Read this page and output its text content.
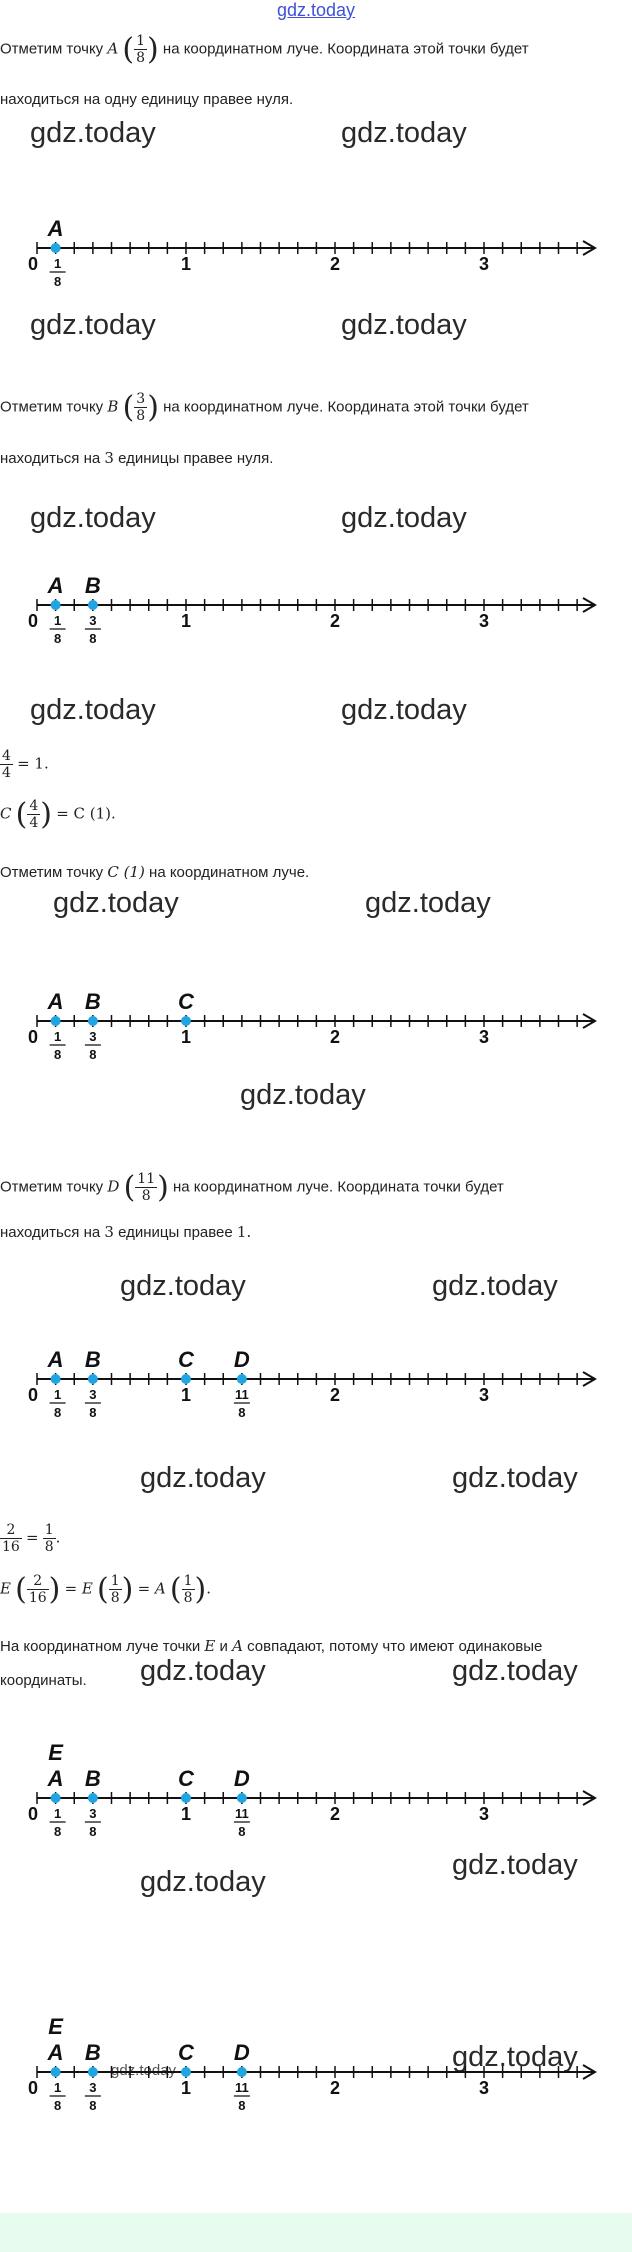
gdz.today
Отметим точку A ( $\frac{1}{8}$ ) на координатном луче. Координата этой точки будет
находиться на одну единицу правее нуля.
gdz.today	gdz.today
0	1	2	3
A
1
8
gdz.today	gdz.today
Отметим точку B ( $\frac{3}{8}$ ) на координатном луче. Координата этой точки будет
находиться на 3 единицы правее нуля.
gdz.today	gdz.today
0	1	2	3
A
1
8
B
3
8
gdz.today	gdz.today
$\frac{4}{4} = 1$.
C ( $\frac{4}{4}$ ) = C (1).
Отметим точку C (1) на координатном луче.
gdz.today	gdz.today
0	1	2	3
A
1
8
B
3
8
C
gdz.today
Отметим точку D ( $\frac{11}{8}$ ) на координатном луче. Координата точки будет
находиться на 3 единицы правее 1.
gdz.today	gdz.today
0	1	2	3
A
1
8
B
3
8
C D
11
8
gdz.today	gdz.today
$\frac{2}{16} = \frac{1}{8}$ .
E ( $\frac{2}{16}$ ) = E ( $\frac{1}{8}$ ) = A ( $\frac{1}{8}$ ).
На координатном луче точки E и A совпадают, потому что имеют одинаковые
координаты. gdz.today	gdz.today
0	1	2	3
A
E
1
8
B
3
8
C D
11
8
gdz.today
gdz.today
gdz.today
gdz.today
0	1	2	3
A
E
1
8
B
3
8
C D
11
8
